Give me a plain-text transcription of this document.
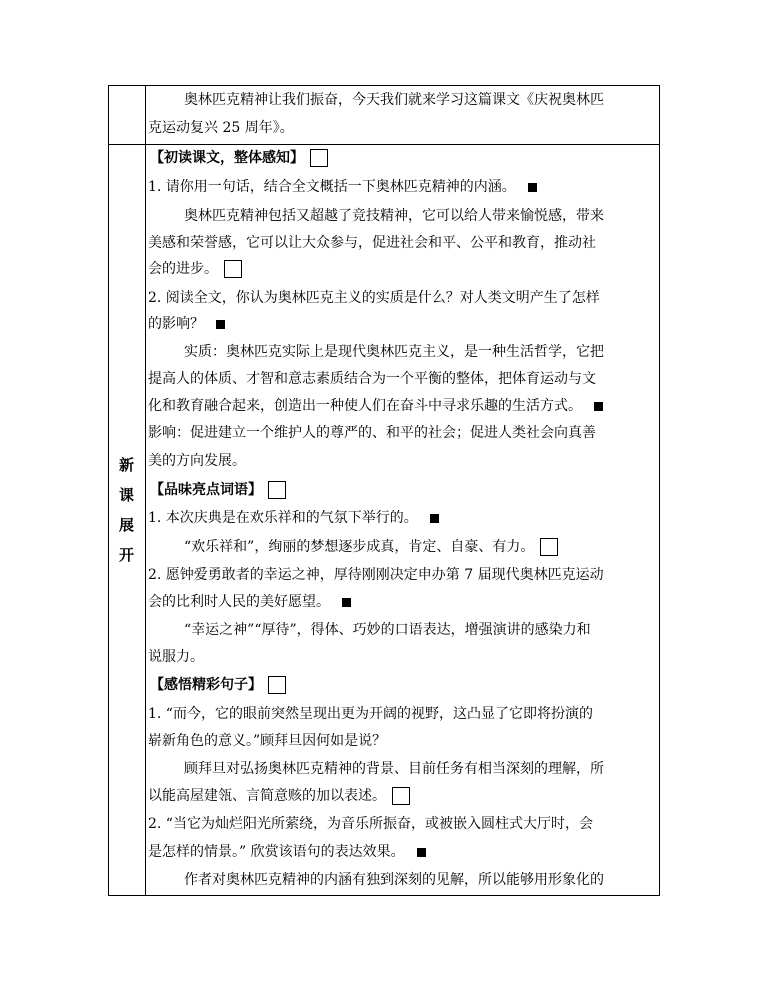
奥林匹克精神让我们振奋，今天我们就来学习这篇课文《庆祝奥林匹
克运动复兴 25 周年》。
新
课
展
开
【初读课文，整体感知】
1. 请你用一句话，结合全文概括一下奥林匹克精神的内涵。
奥林匹克精神包括又超越了竞技精神，它可以给人带来愉悦感，带来
美感和荣誉感，它可以让大众参与，促进社会和平、公平和教育，推动社
会的进步。
2. 阅读全文，你认为奥林匹克主义的实质是什么？对人类文明产生了怎样
的影响？
实质：奥林匹克实际上是现代奥林匹克主义，是一种生活哲学，它把
提高人的体质、才智和意志素质结合为一个平衡的整体，把体育运动与文
化和教育融合起来，创造出一种使人们在奋斗中寻求乐趣的生活方式。
影响：促进建立一个维护人的尊严的、和平的社会；促进人类社会向真善
美的方向发展。
【品味亮点词语】
1. 本次庆典是在欢乐祥和的气氛下举行的。
“欢乐祥和”，绚丽的梦想逐步成真，肯定、自豪、有力。
2. 愿钟爱勇敢者的幸运之神，厚待刚刚决定申办第 7 届现代奥林匹克运动
会的比利时人民的美好愿望。
“幸运之神”“厚待”，得体、巧妙的口语表达，增强演讲的感染力和
说服力。
【感悟精彩句子】
1. “而今，它的眼前突然呈现出更为开阔的视野，这凸显了它即将扮演的
崭新角色的意义。”顾拜旦因何如是说？
顾拜旦对弘扬奥林匹克精神的背景、目前任务有相当深刻的理解，所
以能高屋建瓴、言简意赅的加以表述。
2. “当它为灿烂阳光所萦绕，为音乐所振奋，或被嵌入圆柱式大厅时，会
是怎样的情景。” 欣赏该语句的表达效果。
作者对奥林匹克精神的内涵有独到深刻的见解，所以能够用形象化的
